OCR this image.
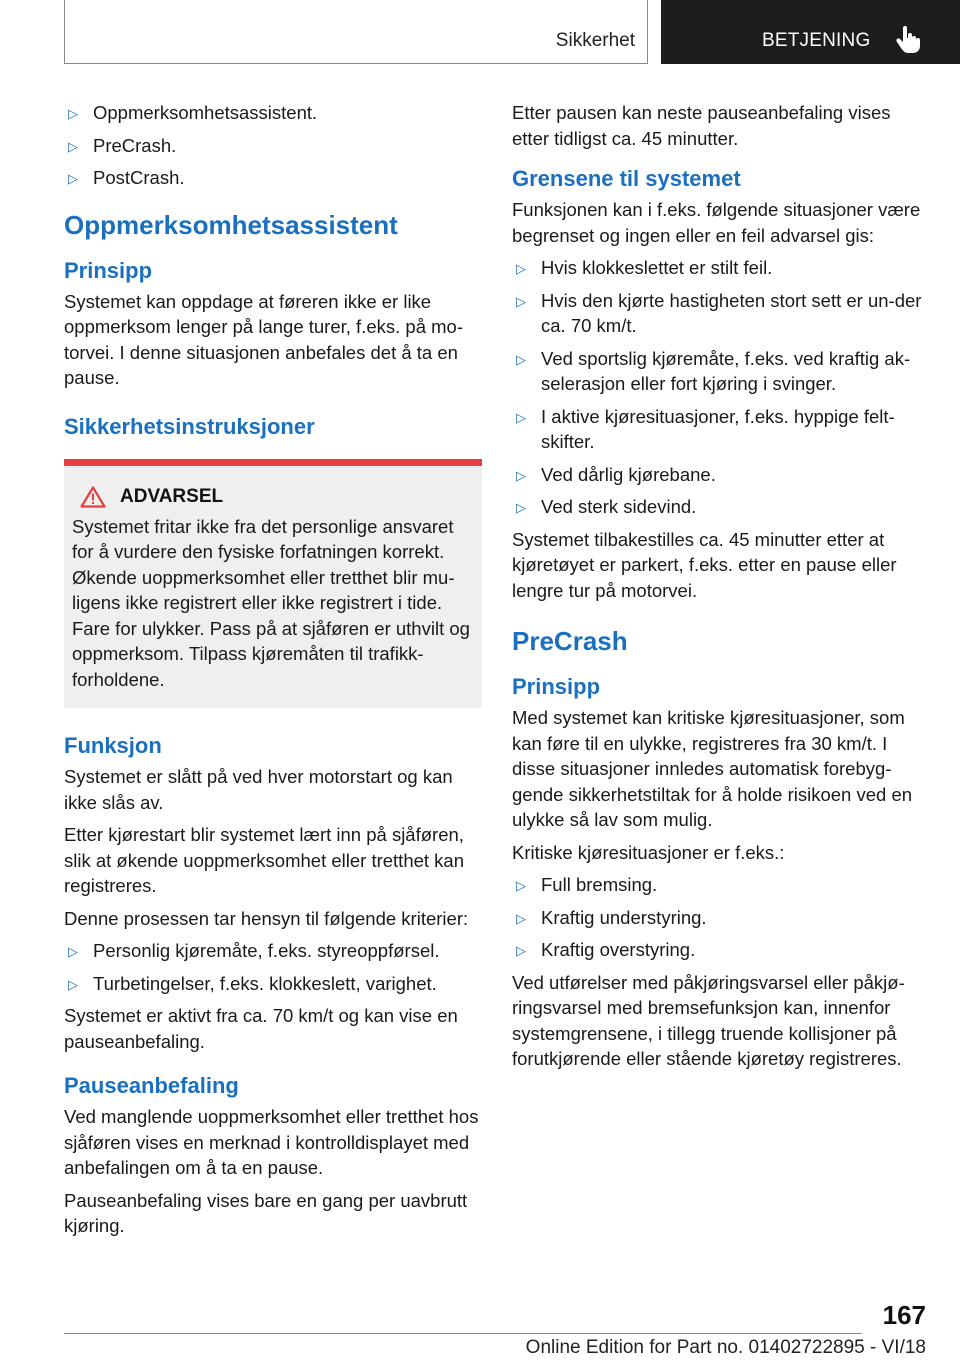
Sikkerhet	BETJENING
▷ Oppmerksomhetsassistent.
▷ PreCrash.
▷ PostCrash.
Oppmerksomhetsassistent
Prinsipp

Systemet kan oppdage at føreren ikke er like oppmerksom lenger på lange turer, f.eks. på mo-torvei. I denne situasjonen anbefales det å ta en pause.

Sikkerhetsinstruksjoner
ADVARSEL

Systemet fritar ikke fra det personlige ansvaret for å vurdere den fysiske forfatningen korrekt. Økende uoppmerksomhet eller tretthet blir mu-ligens ikke registrert eller ikke registrert i tide. Fare for ulykker. Pass på at sjåføren er uthvilt og oppmerksom. Tilpass kjøremåten til trafikk-forholdene.

Funksjon

Systemet er slått på ved hver motorstart og kan ikke slås av.

Etter kjørestart blir systemet lært inn på sjåføren, slik at økende uoppmerksomhet eller tretthet kan registreres.

Denne prosessen tar hensyn til følgende kriterier:

▷ Personlig kjøremåte, f.eks. styreoppførsel.
▷ Turbetingelser, f.eks. klokkeslett, varighet.

Systemet er aktivt fra ca. 70 km/t og kan vise en pauseanbefaling.

Pauseanbefaling

Ved manglende uoppmerksomhet eller tretthet hos sjåføren vises en merknad i kontrolldisplayet med anbefalingen om å ta en pause.

Pauseanbefaling vises bare en gang per uavbrutt kjøring.

Etter pausen kan neste pauseanbefaling vises etter tidligst ca. 45 minutter.

Grensene til systemet

Funksjonen kan i f.eks. følgende situasjoner være begrenset og ingen eller en feil advarsel gis:

▷ Hvis klokkeslettet er stilt feil.
▷ Hvis den kjørte hastigheten stort sett er un-der ca. 70 km/t.
▷ Ved sportslig kjøremåte, f.eks. ved kraftig ak-selerasjon eller fort kjøring i svinger.
▷ I aktive kjøresituasjoner, f.eks. hyppige felt-skifter.
▷ Ved dårlig kjørebane.
▷ Ved sterk sidevind.

Systemet tilbakestilles ca. 45 minutter etter at kjøretøyet er parkert, f.eks. etter en pause eller lengre tur på motorvei.

PreCrash
Prinsipp

Med systemet kan kritiske kjøresituasjoner, som kan føre til en ulykke, registreres fra 30 km/t. I disse situasjoner innledes automatisk forebyg-gende sikkerhetstiltak for å holde risikoen ved en ulykke så lav som mulig.

Kritiske kjøresituasjoner er f.eks.:

▷ Full bremsing.
▷ Kraftig understyring.
▷ Kraftig overstyring.

Ved utførelser med påkjøringsvarsel eller påkjø-ringsvarsel med bremsefunksjon kan, innenfor systemgrensene, i tillegg truende kollisjoner på forutkjørende eller stående kjøretøy registreres.

167
Online Edition for Part no. 01402722895 - VI/18
